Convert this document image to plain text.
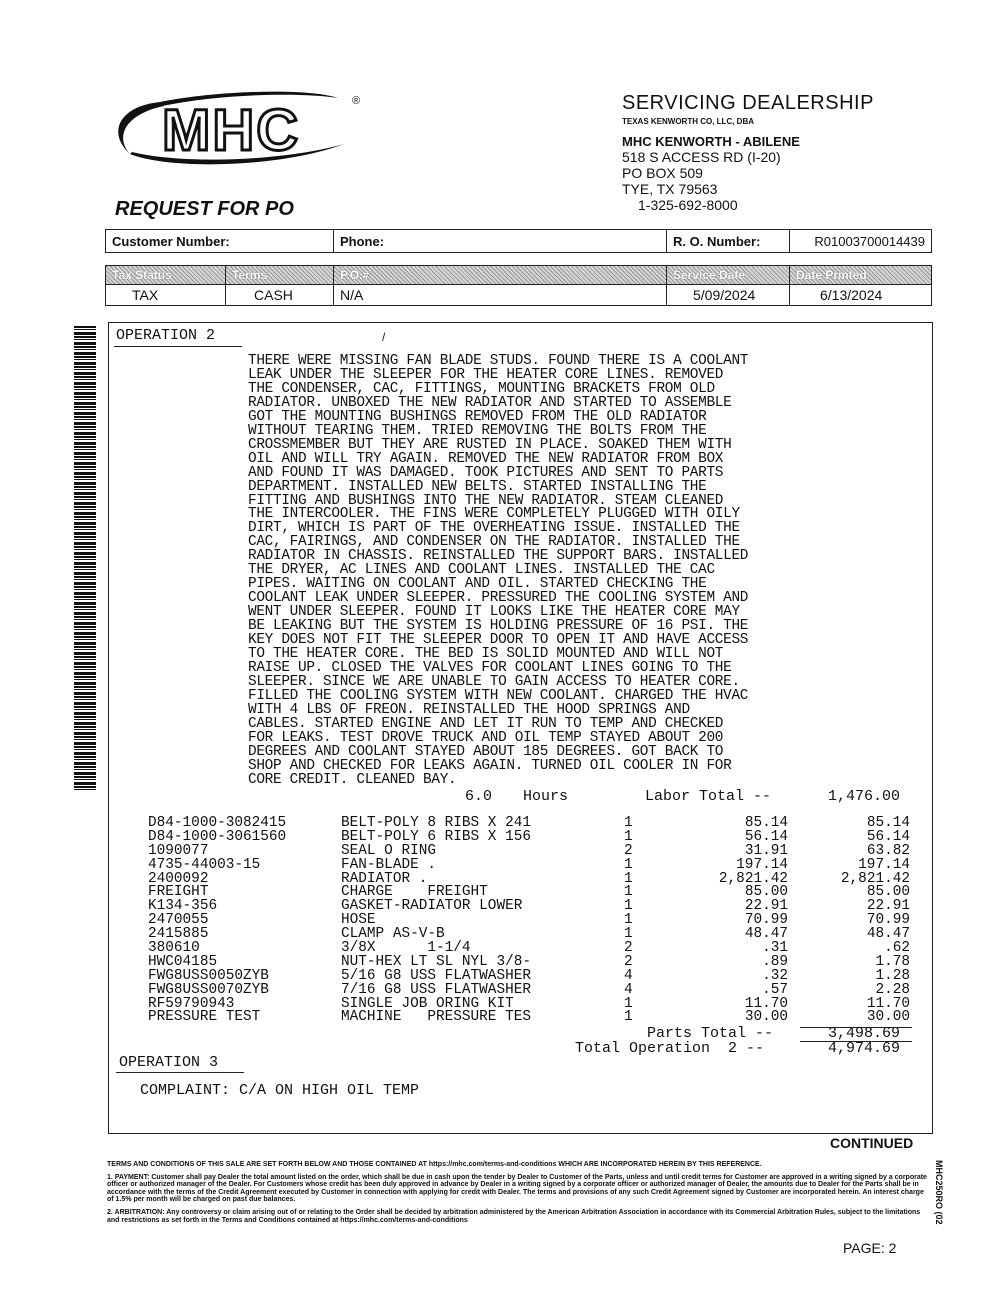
MHC	®
REQUEST FOR PO
SERVICING DEALERSHIP
TEXAS KENWORTH CO, LLC, DBA
MHC KENWORTH - ABILENE
518 S ACCESS RD (I-20)
PO BOX 509
TYE, TX 79563
1-325-692-8000
Customer Number:	Phone:	R. O. Number:	R01003700014439
Tax Status	Terms	P.O.#	Service Date	Date Printed
TAX	CASH	N/A	5/09/2024	6/13/2024
OPERATION 2	/
THERE WERE MISSING FAN BLADE STUDS. FOUND THERE IS A COOLANT
LEAK UNDER THE SLEEPER FOR THE HEATER CORE LINES. REMOVED
THE CONDENSER, CAC, FITTINGS, MOUNTING BRACKETS FROM OLD
RADIATOR. UNBOXED THE NEW RADIATOR AND STARTED TO ASSEMBLE
GOT THE MOUNTING BUSHINGS REMOVED FROM THE OLD RADIATOR
WITHOUT TEARING THEM. TRIED REMOVING THE BOLTS FROM THE
CROSSMEMBER BUT THEY ARE RUSTED IN PLACE. SOAKED THEM WITH
OIL AND WILL TRY AGAIN. REMOVED THE NEW RADIATOR FROM BOX
AND FOUND IT WAS DAMAGED. TOOK PICTURES AND SENT TO PARTS
DEPARTMENT. INSTALLED NEW BELTS. STARTED INSTALLING THE
FITTING AND BUSHINGS INTO THE NEW RADIATOR. STEAM CLEANED
THE INTERCOOLER. THE FINS WERE COMPLETELY PLUGGED WITH OILY
DIRT, WHICH IS PART OF THE OVERHEATING ISSUE. INSTALLED THE
CAC, FAIRINGS, AND CONDENSER ON THE RADIATOR. INSTALLED THE
RADIATOR IN CHASSIS. REINSTALLED THE SUPPORT BARS. INSTALLED
THE DRYER, AC LINES AND COOLANT LINES. INSTALLED THE CAC
PIPES. WAITING ON COOLANT AND OIL. STARTED CHECKING THE
COOLANT LEAK UNDER SLEEPER. PRESSURED THE COOLING SYSTEM AND
WENT UNDER SLEEPER. FOUND IT LOOKS LIKE THE HEATER CORE MAY
BE LEAKING BUT THE SYSTEM IS HOLDING PRESSURE OF 16 PSI. THE
KEY DOES NOT FIT THE SLEEPER DOOR TO OPEN IT AND HAVE ACCESS
TO THE HEATER CORE. THE BED IS SOLID MOUNTED AND WILL NOT
RAISE UP. CLOSED THE VALVES FOR COOLANT LINES GOING TO THE
SLEEPER. SINCE WE ARE UNABLE TO GAIN ACCESS TO HEATER CORE.
FILLED THE COOLING SYSTEM WITH NEW COOLANT. CHARGED THE HVAC
WITH 4 LBS OF FREON. REINSTALLED THE HOOD SPRINGS AND
CABLES. STARTED ENGINE AND LET IT RUN TO TEMP AND CHECKED
FOR LEAKS. TEST DROVE TRUCK AND OIL TEMP STAYED ABOUT 200
DEGREES AND COOLANT STAYED ABOUT 185 DEGREES. GOT BACK TO
SHOP AND CHECKED FOR LEAKS AGAIN. TURNED OIL COOLER IN FOR
CORE CREDIT. CLEANED BAY.
6.0 Hours	Labor Total --	1,476.00
D84-1000-3082415	BELT-POLY 8 RIBS X 241	1	85.14	85.14
D84-1000-3061560	BELT-POLY 6 RIBS X 156	1	56.14	56.14
1090077	SEAL O RING	2	31.91	63.82
4735-44003-15	FAN-BLADE .	1	197.14	197.14
2400092	RADIATOR .	1	2,821.42	2,821.42
FREIGHT	CHARGE    FREIGHT	1	85.00	85.00
K134-356	GASKET-RADIATOR LOWER	1	22.91	22.91
2470055	HOSE	1	70.99	70.99
2415885	CLAMP AS-V-B	1	48.47	48.47
380610	3/8X      1-1/4	2	.31	.62
HWC04185	NUT-HEX LT SL NYL 3/8-	2	.89	1.78
FWG8USS0050ZYB	5/16 G8 USS FLATWASHER	4	.32	1.28
FWG8USS0070ZYB	7/16 G8 USS FLATWASHER	4	.57	2.28
RF59790943	SINGLE JOB ORING KIT	1	11.70	11.70
PRESSURE TEST	MACHINE   PRESSURE TES	1	30.00	30.00
Parts Total --	3,498.69
Total Operation  2 --	4,974.69
OPERATION 3
COMPLAINT: C/A ON HIGH OIL TEMP
CONTINUED

TERMS AND CONDITIONS OF THIS SALE ARE SET FORTH BELOW AND THOSE CONTAINED AT https://mhc.com/terms-and-conditions WHICH ARE INCORPORATED HEREIN BY THIS REFERENCE.

1. PAYMENT: Customer shall pay Dealer the total amount listed on the order, which shall be due in cash upon the tender by Dealer to Customer of the Parts, unless and until credit terms for Customer are approved in a writing signed by a corporate officer or authorized manager of the Dealer. For Customers whose credit has been duly approved in advance by Dealer in a writing signed by a corporate officer or authorized manager of Dealer, the amounts due to Dealer for the Parts shall be in accordance with the terms of the Credit Agreement executed by Customer in connection with applying for credit with Dealer. The terms and provisions of any such Credit Agreement signed by Customer are incorporated herein. An interest charge of 1.5% per month will be charged on past due balances.

2. ARBITRATION: Any controversy or claim arising out of or relating to the Order shall be decided by arbitration administered by the American Arbitration Association in accordance with its Commercial Arbitration Rules, subject to the limitations and restrictions as set forth in the Terms and Conditions contained at https://mhc.com/terms-and-conditions	MHC250RO (02
PAGE: 2
